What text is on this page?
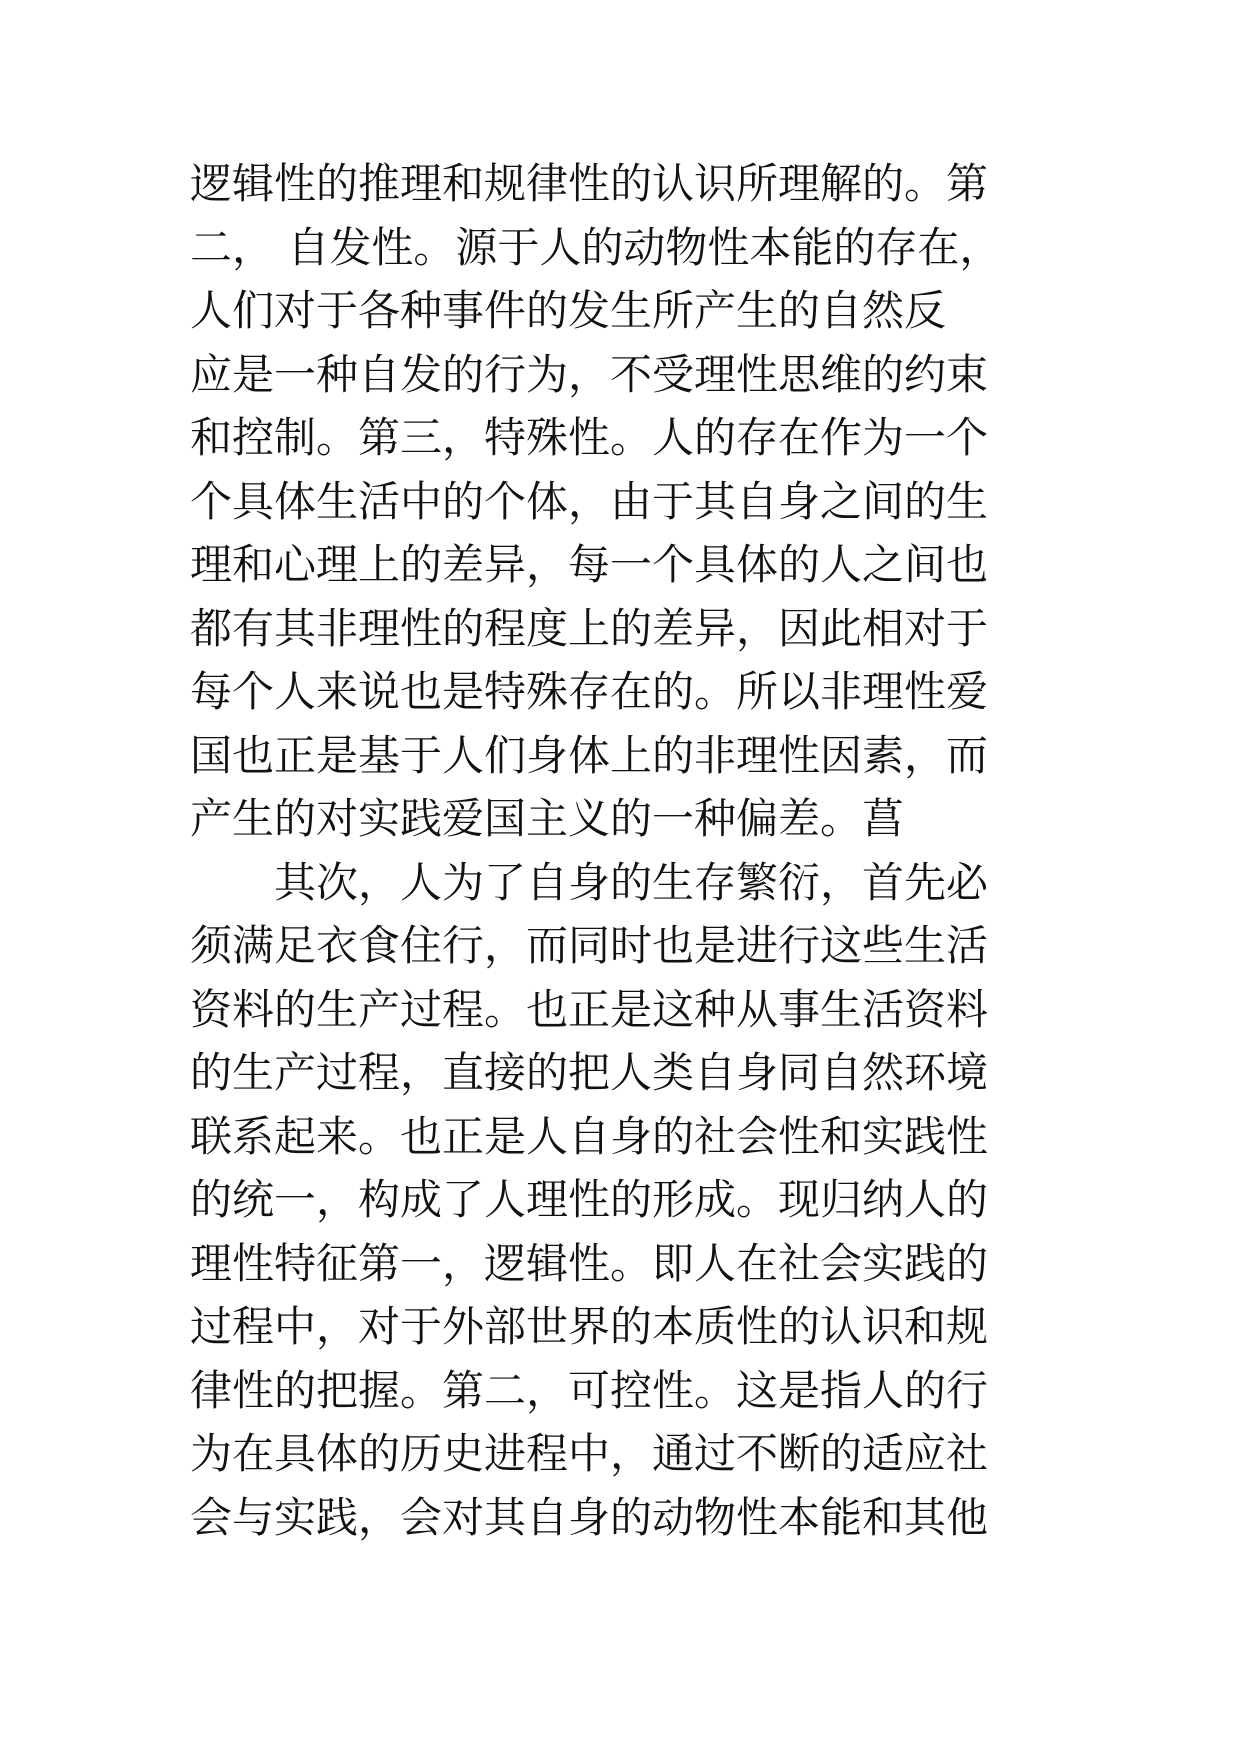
逻辑性的推理和规律性的认识所理解的。第
二， 自发性。源于人的动物性本能的存在，
人们对于各种事件的发生所产生的自然反
应是一种自发的行为，不受理性思维的约束
和控制。第三，特殊性。人的存在作为一个
个具体生活中的个体，由于其自身之间的生
理和心理上的差异，每一个具体的人之间也
都有其非理性的程度上的差异，因此相对于
每个人来说也是特殊存在的。所以非理性爱
国也正是基于人们身体上的非理性因素，而
产生的对实践爱国主义的一种偏差。菖
　　其次，人为了自身的生存繁衍，首先必
须满足衣食住行，而同时也是进行这些生活
资料的生产过程。也正是这种从事生活资料
的生产过程，直接的把人类自身同自然环境
联系起来。也正是人自身的社会性和实践性
的统一，构成了人理性的形成。现归纳人的
理性特征第一，逻辑性。即人在社会实践的
过程中，对于外部世界的本质性的认识和规
律性的把握。第二，可控性。这是指人的行
为在具体的历史进程中，通过不断的适应社
会与实践，会对其自身的动物性本能和其他
